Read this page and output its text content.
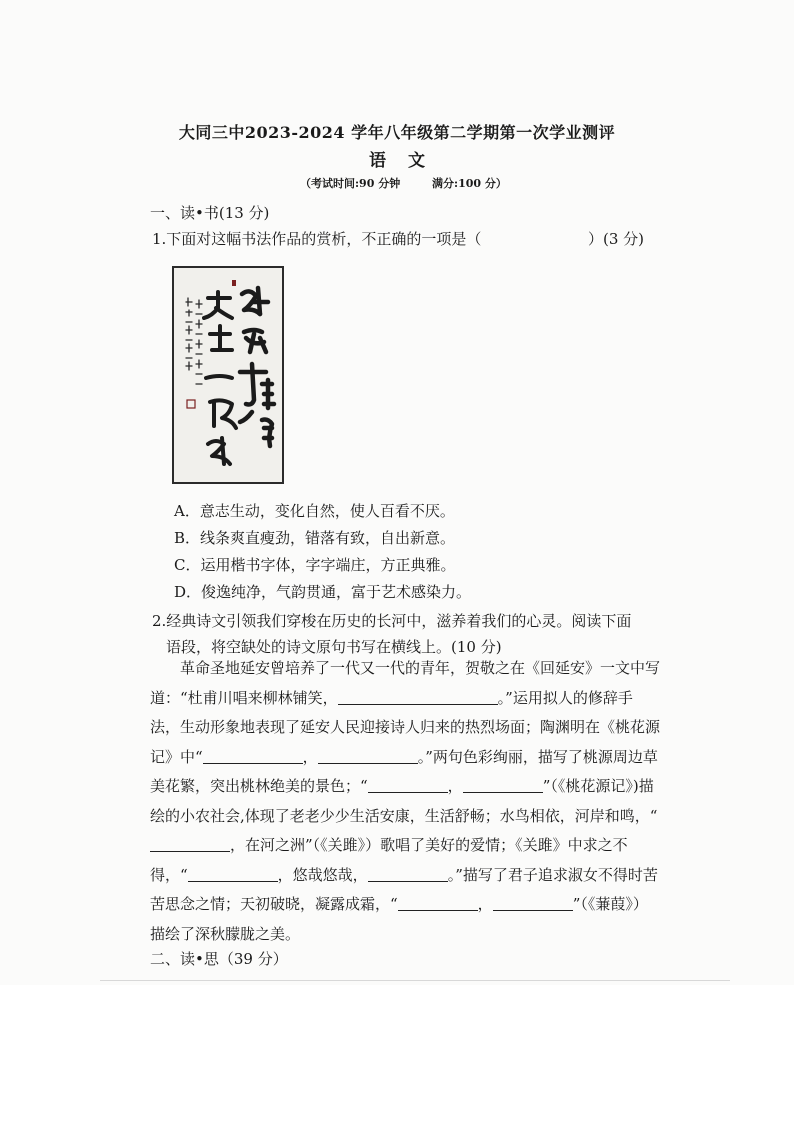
大同三中2023-2024 学年八年级第二学期第一次学业测评
语文
（考试时间:90 分钟	满分:100 分）
一、读•书(13 分)
1.下面对这幅书法作品的赏析，不正确的一项是（	）(3 分)
A．意志生动，变化自然，使人百看不厌。
B．线条爽直瘦劲，错落有致，自出新意。
C．运用楷书字体，字字端庄，方正典雅。
D．俊逸纯净，气韵贯通，富于艺术感染力。
2.经典诗文引领我们穿梭在历史的长河中，滋养着我们的心灵。阅读下面
语段，将空缺处的诗文原句书写在横线上。(10 分)
革命圣地延安曾培养了一代又一代的青年，贺敬之在《回延安》一文中写道：“杜甫川唱来柳林铺笑，	。”运用拟人的修辞手法，生动形象地表现了延安人民迎接诗人归来的热烈场面；陶渊明在《桃花源记》中“	，	。”两句色彩绚丽，描写了桃源周边草美花繁，突出桃林绝美的景色；“	，	”（《桃花源记》)描绘的小农社会,体现了老老少少生活安康，生活舒畅；水鸟相依，河岸和鸣，“，在河之洲”（《关雎》）歌唱了美好的爱情；《关雎》中求之不得，“	，悠哉悠哉，	。”描写了君子追求淑女不得时苦苦思念之情；天初破晓，凝露成霜，“	，	”（《蒹葭》）描绘了深秋朦胧之美。
二、读•思（39 分）
